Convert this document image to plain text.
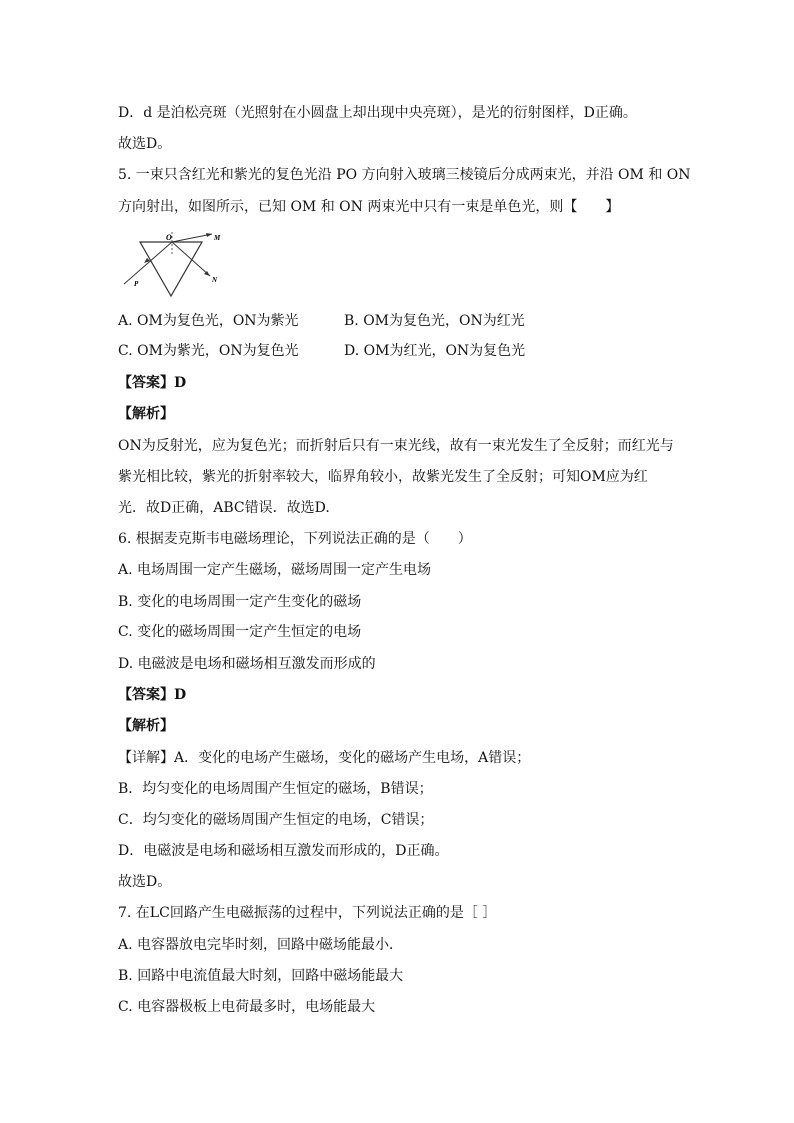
D．d 是泊松亮斑（光照射在小圆盘上却出现中央亮斑），是光的衍射图样，D正确。
故选D。
5. 一束只含红光和紫光的复色光沿 PO 方向射入玻璃三棱镜后分成两束光，并沿 OM 和 ON
方向射出，如图所示，已知 OM 和 ON 两束光中只有一束是单色光，则【　　】
O	M
N
P
A. OM为复色光，ON为紫光	B. OM为复色光，ON为红光
C. OM为紫光，ON为复色光	D. OM为红光，ON为复色光
【答案】D
【解析】
ON为反射光，应为复色光；而折射后只有一束光线，故有一束光发生了全反射；而红光与
紫光相比较，紫光的折射率较大，临界角较小，故紫光发生了全反射；可知OM应为红
光．故D正确，ABC错误．故选D.
6. 根据麦克斯韦电磁场理论，下列说法正确的是（　　）
A. 电场周围一定产生磁场，磁场周围一定产生电场
B. 变化的电场周围一定产生变化的磁场
C. 变化的磁场周围一定产生恒定的电场
D. 电磁波是电场和磁场相互激发而形成的
【答案】D
【解析】
【详解】A．变化的电场产生磁场，变化的磁场产生电场，A错误；
B．均匀变化的电场周围产生恒定的磁场，B错误；
C．均匀变化的磁场周围产生恒定的电场，C错误；
D．电磁波是电场和磁场相互激发而形成的，D正确。
故选D。
7. 在LC回路产生电磁振荡的过程中，下列说法正确的是［ ］
A. 电容器放电完毕时刻，回路中磁场能最小．
B. 回路中电流值最大时刻，回路中磁场能最大
C. 电容器极板上电荷最多时，电场能最大
